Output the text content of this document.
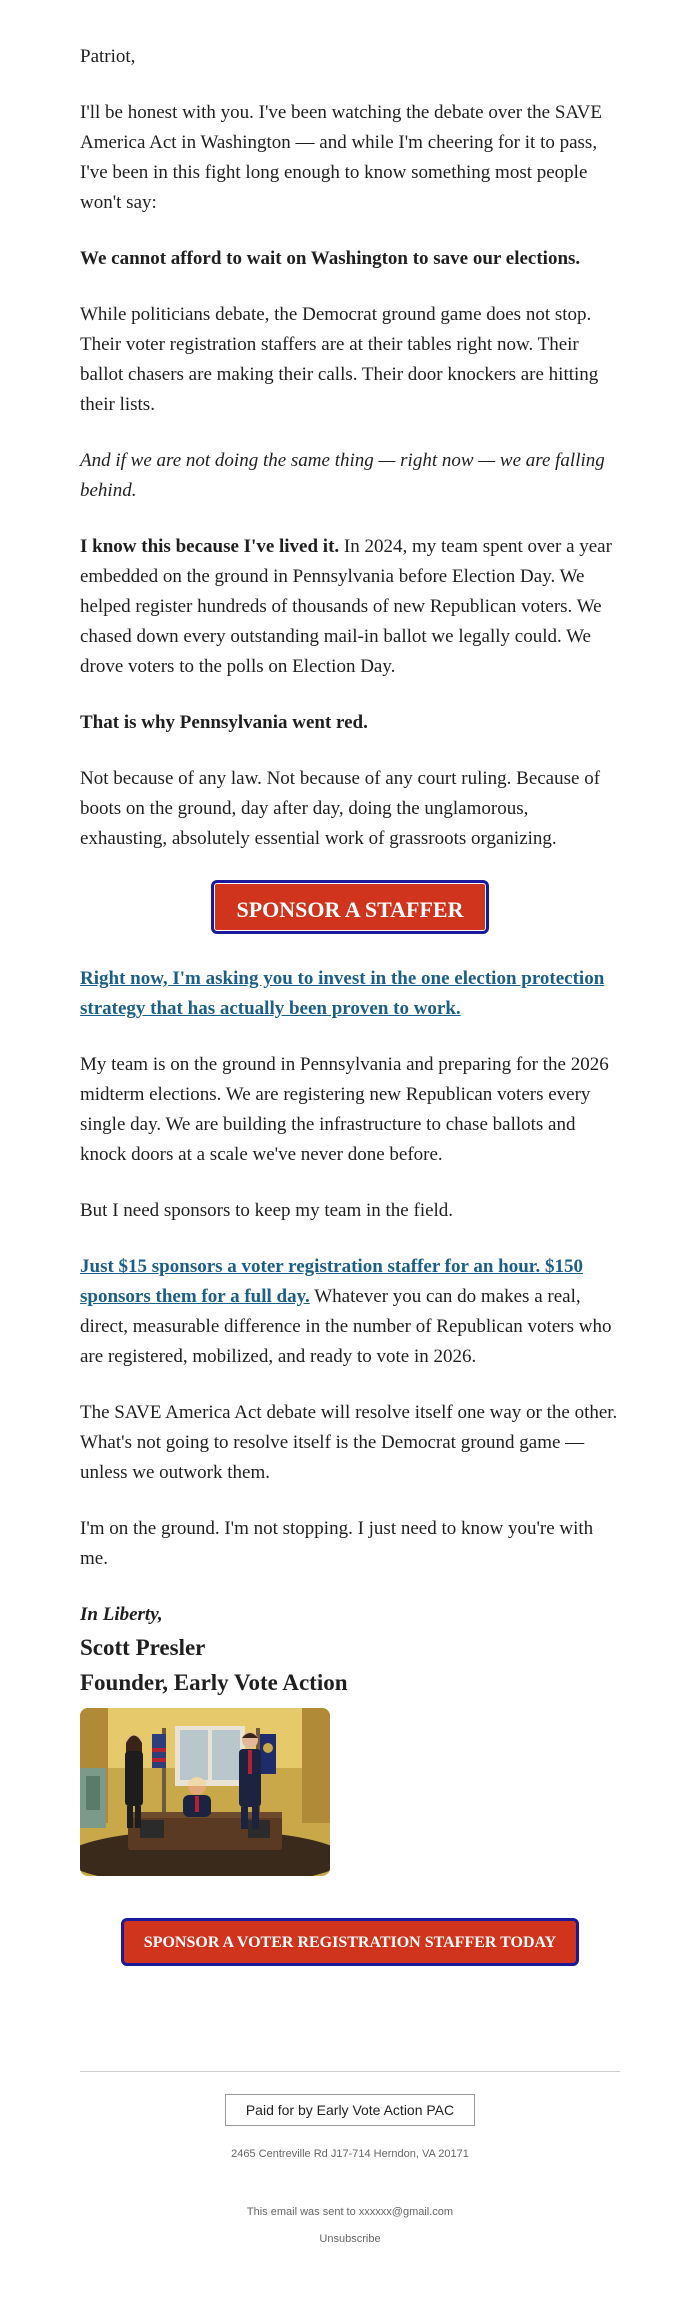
Patriot,

I'll be honest with you. I've been watching the debate over the SAVE America Act in Washington — and while I'm cheering for it to pass, I've been in this fight long enough to know something most people won't say:

We cannot afford to wait on Washington to save our elections.

While politicians debate, the Democrat ground game does not stop. Their voter registration staffers are at their tables right now. Their ballot chasers are making their calls. Their door knockers are hitting their lists.

And if we are not doing the same thing — right now — we are falling behind.

I know this because I've lived it. In 2024, my team spent over a year embedded on the ground in Pennsylvania before Election Day. We helped register hundreds of thousands of new Republican voters. We chased down every outstanding mail-in ballot we legally could. We drove voters to the polls on Election Day.

That is why Pennsylvania went red.

Not because of any law. Not because of any court ruling. Because of boots on the ground, day after day, doing the unglamorous, exhausting, absolutely essential work of grassroots organizing.

SPONSOR A STAFFER

Right now, I'm asking you to invest in the one election protection strategy that has actually been proven to work.

My team is on the ground in Pennsylvania and preparing for the 2026 midterm elections. We are registering new Republican voters every single day. We are building the infrastructure to chase ballots and knock doors at a scale we've never done before.

But I need sponsors to keep my team in the field.

Just $15 sponsors a voter registration staffer for an hour. $150 sponsors them for a full day. Whatever you can do makes a real, direct, measurable difference in the number of Republican voters who are registered, mobilized, and ready to vote in 2026.

The SAVE America Act debate will resolve itself one way or the other. What's not going to resolve itself is the Democrat ground game — unless we outwork them.

I'm on the ground. I'm not stopping. I just need to know you're with me.

In Liberty,
Scott Presler
Founder, Early Vote Action
SPONSOR A VOTER REGISTRATION STAFFER TODAY
Paid for by Early Vote Action PAC
2465 Centreville Rd J17-714 Herndon, VA 20171
This email was sent to xxxxxx@gmail.com
Unsubscribe
